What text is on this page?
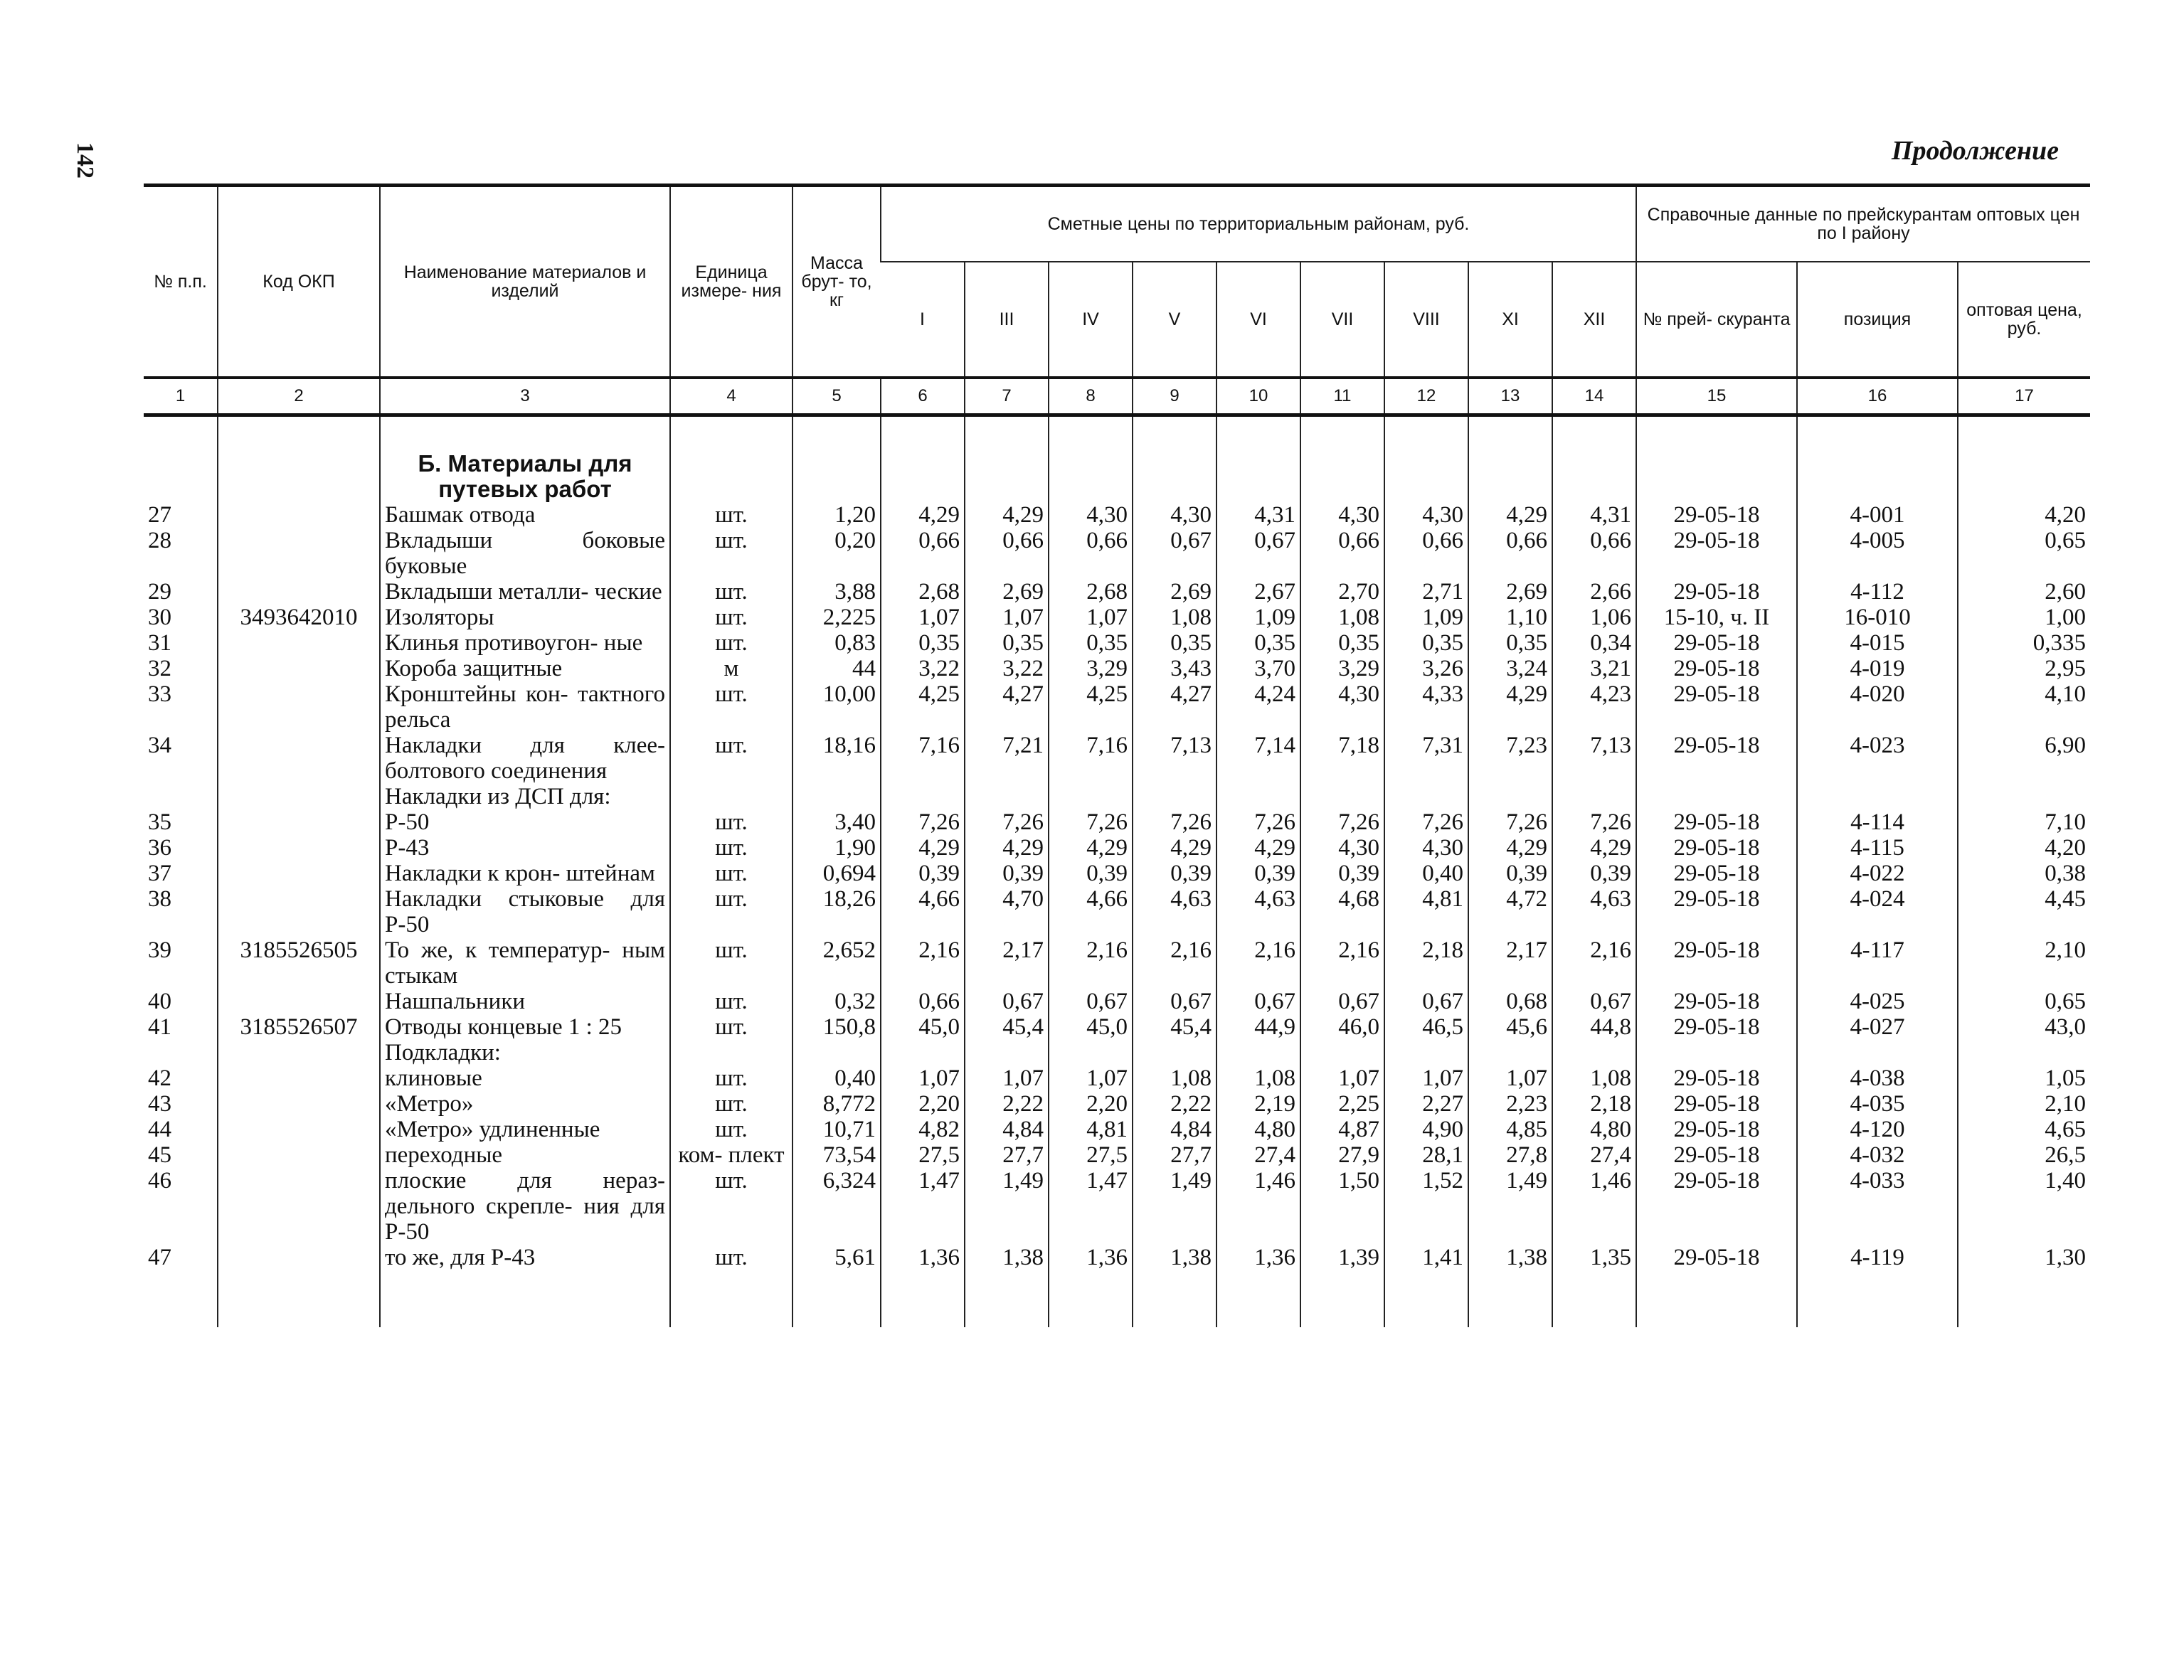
142	Продолжение
№ п.п.	Код ОКП	Наименование материалов и изделий	Единица измере- ния	Масса брут- то, кг	Сметные цены по территориальным районам, руб.									Справочные данные по прейскурантам оптовых цен по I району		
					I	III	IV	V	VI	VII	VIII	XI	XII	№ прей- скуранта	позиция	оптовая цена, руб.
1	2	3	4	5	6	7	8	9	10	11	12	13	14	15	16	17

		Б. Материалы для путевых работ														
27		Башмак отвода	шт.	1,20	4,29	4,29	4,30	4,30	4,31	4,30	4,30	4,29	4,31	29-05-18	4-001	4,20
28		Вкладыши боковые буковые	шт.	0,20	0,66	0,66	0,66	0,67	0,67	0,66	0,66	0,66	0,66	29-05-18	4-005	0,65
29		Вкладыши металли- ческие	шт.	3,88	2,68	2,69	2,68	2,69	2,67	2,70	2,71	2,69	2,66	29-05-18	4-112	2,60
30	3493642010	Изоляторы	шт.	2,225	1,07	1,07	1,07	1,08	1,09	1,08	1,09	1,10	1,06	15-10, ч. II	16-010	1,00
31		Клинья противоугон- ные	шт.	0,83	0,35	0,35	0,35	0,35	0,35	0,35	0,35	0,35	0,34	29-05-18	4-015	0,335
32		Короба защитные	м	44	3,22	3,22	3,29	3,43	3,70	3,29	3,26	3,24	3,21	29-05-18	4-019	2,95
33		Кронштейны кон- тактного рельса	шт.	10,00	4,25	4,27	4,25	4,27	4,24	4,30	4,33	4,29	4,23	29-05-18	4-020	4,10
34		Накладки для клее- болтового соединения	шт.	18,16	7,16	7,21	7,16	7,13	7,14	7,18	7,31	7,23	7,13	29-05-18	4-023	6,90
		Накладки из ДСП для:														
35		Р-50	шт.	3,40	7,26	7,26	7,26	7,26	7,26	7,26	7,26	7,26	7,26	29-05-18	4-114	7,10
36		Р-43	шт.	1,90	4,29	4,29	4,29	4,29	4,29	4,30	4,30	4,29	4,29	29-05-18	4-115	4,20
37		Накладки к крон- штейнам	шт.	0,694	0,39	0,39	0,39	0,39	0,39	0,39	0,40	0,39	0,39	29-05-18	4-022	0,38
38		Накладки стыковые для Р-50	шт.	18,26	4,66	4,70	4,66	4,63	4,63	4,68	4,81	4,72	4,63	29-05-18	4-024	4,45
39	3185526505	То же, к температур- ным стыкам	шт.	2,652	2,16	2,17	2,16	2,16	2,16	2,16	2,18	2,17	2,16	29-05-18	4-117	2,10
40		Нашпальники	шт.	0,32	0,66	0,67	0,67	0,67	0,67	0,67	0,67	0,68	0,67	29-05-18	4-025	0,65
41	3185526507	Отводы концевые 1 : 25	шт.	150,8	45,0	45,4	45,0	45,4	44,9	46,0	46,5	45,6	44,8	29-05-18	4-027	43,0
		Подкладки:														
42		клиновые	шт.	0,40	1,07	1,07	1,07	1,08	1,08	1,07	1,07	1,07	1,08	29-05-18	4-038	1,05
43		«Метро»	шт.	8,772	2,20	2,22	2,20	2,22	2,19	2,25	2,27	2,23	2,18	29-05-18	4-035	2,10
44		«Метро» удлиненные	шт.	10,71	4,82	4,84	4,81	4,84	4,80	4,87	4,90	4,85	4,80	29-05-18	4-120	4,65
45		переходные	ком- плект	73,54	27,5	27,7	27,5	27,7	27,4	27,9	28,1	27,8	27,4	29-05-18	4-032	26,5
46		плоские для нераз- дельного скрепле- ния для Р-50	шт.	6,324	1,47	1,49	1,47	1,49	1,46	1,50	1,52	1,49	1,46	29-05-18	4-033	1,40
47		то же, для Р-43	шт.	5,61	1,36	1,38	1,36	1,38	1,36	1,39	1,41	1,38	1,35	29-05-18	4-119	1,30
